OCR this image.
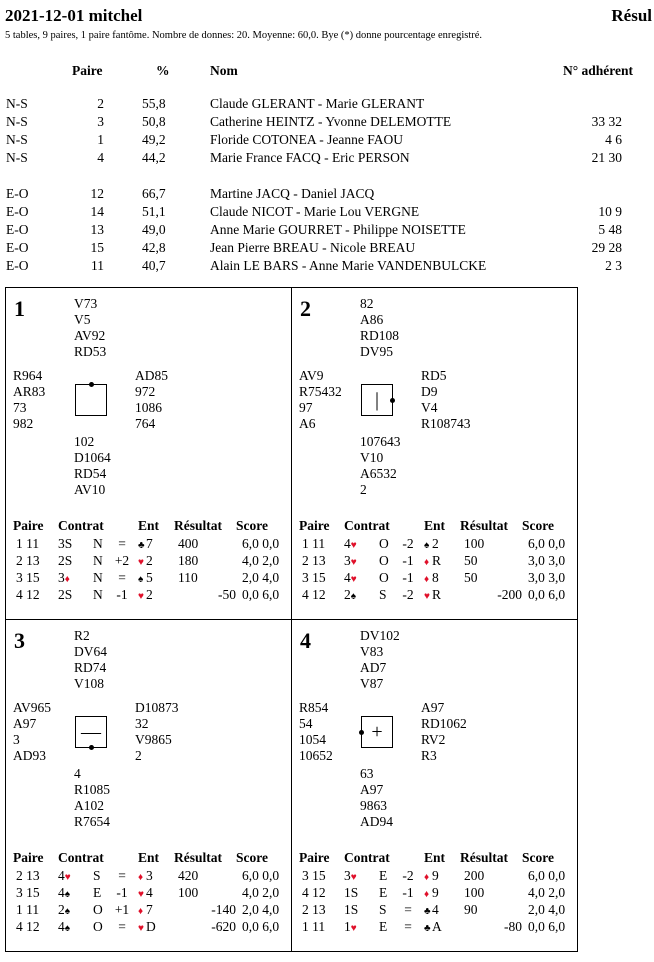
2021-12-01 mitchel	Résul
5 tables, 9 paires, 1 paire fantôme. Nombre de donnes: 20. Moyenne: 60,0. Bye (*) donne pourcentage enregistré.
Paire	%	Nom	N° adhérent
N-S	2	55,8	Claude GLERANT - Marie GLERANT
N-S	3	50,8	Catherine HEINTZ - Yvonne DELEMOTTE	33 32
N-S	1	49,2	Floride COTONEA - Jeanne FAOU	4 6
N-S	4	44,2	Marie France FACQ - Eric PERSON	21 30
E-O	12	66,7	Martine JACQ - Daniel JACQ
E-O	14	51,1	Claude NICOT - Marie Lou VERGNE	10 9
E-O	13	49,0	Anne Marie GOURRET - Philippe NOISETTE	5 48
E-O	15	42,8	Jean Pierre BREAU - Nicole BREAU	29 28
E-O	11	40,7	Alain LE BARS - Anne Marie VANDENBULCKE	2 3
1	V73
V5
AV92
RD53
R964
AR83
73
982
AD85
972
1086
764
102
D1064
RD54
AV10
Paire Contrat	Ent Résultat Score
1 11 3S N	=	♣ 7 400	6,0 0,0
2 13 2S N +2 ♥ 2 180	4,0 2,0
3 15 3♦ N	=	♠ 5 110	2,0 4,0
4 12 2S N	-1	♥ 2	-50 0,0 6,0
2	82
A86
RD108
DV95
AV9
R75432
97
A6
RD5
D9
V4
R108743
107643
V10
A6532
2
|
Paire Contrat	Ent Résultat Score
1 11 4♥ O	-2	♠ 2 100	6,0 0,0
2 13 3♥ O	-1	♦ R 50	3,0 3,0
3 15 4♥ O	-1	♦ 8 50	3,0 3,0
4 12 2♠ S	-2	♥ R	-200 0,0 6,0
3	R2
DV64
RD74
V108
AV965
A97
3
AD93
D10873
32
V9865
2
4
R1085
A102
R7654
—
Paire Contrat	Ent Résultat Score
2 13 4♥ S	=	♦ 3 420	6,0 0,0
3 15 4♠ E	-1	♥ 4 100	4,0 2,0
1 11 2♠ O +1 ♦ 7	-140 2,0 4,0
4 12 4♠ O	=	♥ D	-620 0,0 6,0
4	DV102
V83
AD7
V87
R854
54
1054
10652
A97
RD1062
RV2
R3
63
A97
9863
AD94
+
Paire Contrat	Ent Résultat Score
3 15 3♥ E	-2	♦ 9 200	6,0 0,0
4 12 1S E	-1	♦ 9 100	4,0 2,0
2 13 1S S	=	♣ 4 90	2,0 4,0
1 11 1♥ E	=	♣ A	-80 0,0 6,0
